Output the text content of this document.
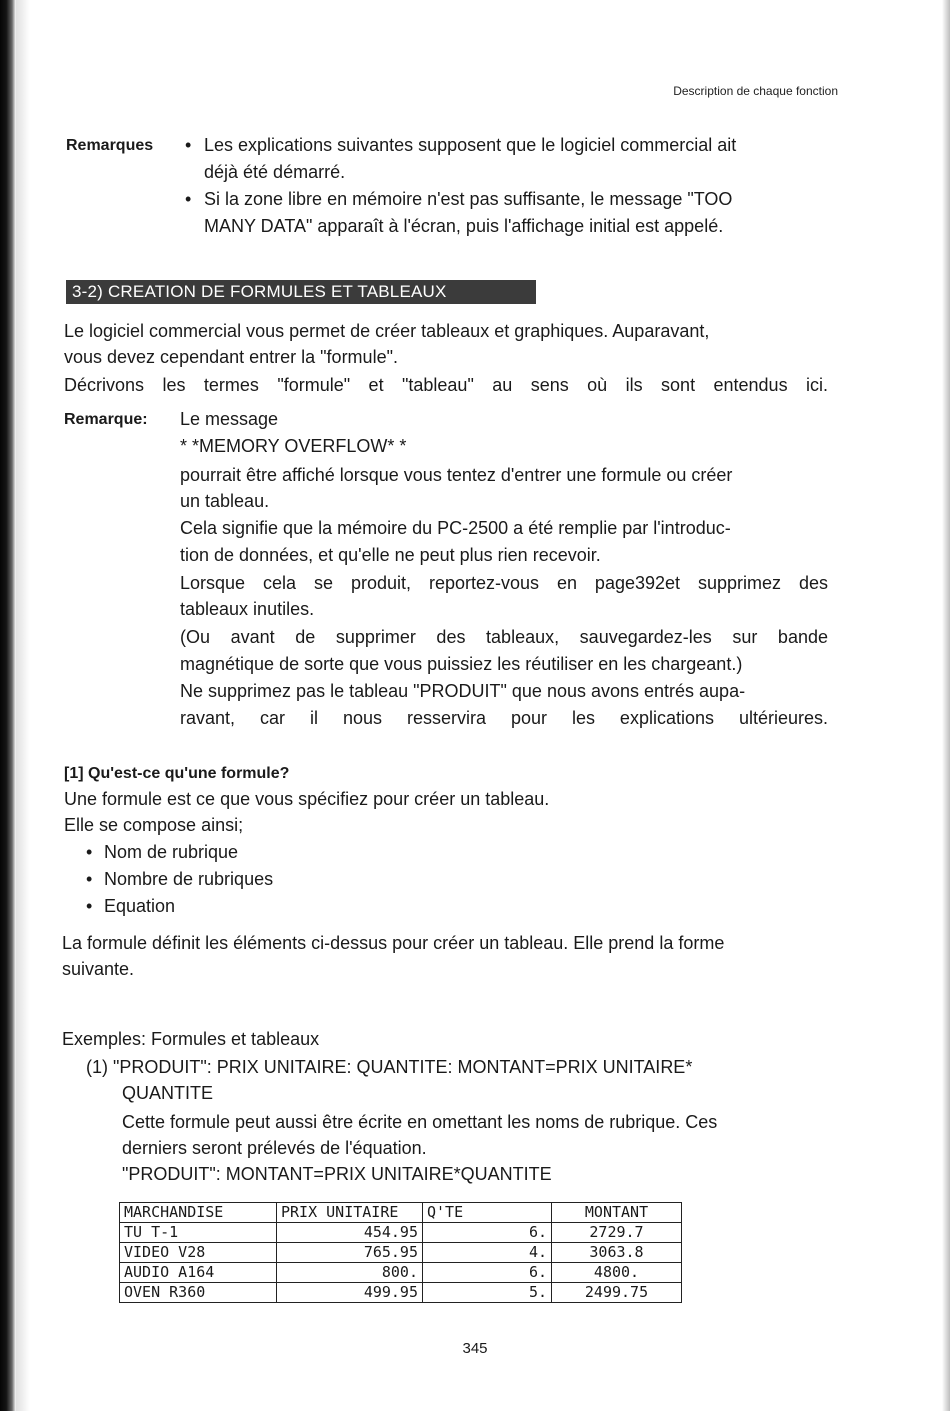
Description de chaque fonction
Remarques • Les explications suivantes supposent que le logiciel commercial ait
déjà été démarré.
• Si la zone libre en mémoire n'est pas suffisante, le message "TOO
MANY DATA" apparaît à l'écran, puis l'affichage initial est appelé.
3-2) CREATION DE FORMULES ET TABLEAUX
Le logiciel commercial vous permet de créer tableaux et graphiques. Auparavant,
vous devez cependant entrer la "formule".
Décrivons les termes "formule" et "tableau" au sens où ils sont entendus ici.
Remarque: Le message
* *MEMORY OVERFLOW* *
pourrait être affiché lorsque vous tentez d'entrer une formule ou créer
un tableau.
Cela signifie que la mémoire du PC-2500 a été remplie par l'introduc-
tion de données, et qu'elle ne peut plus rien recevoir.
Lorsque cela se produit, reportez-vous en page392et supprimez des
tableaux inutiles.
(Ou avant de supprimer des tableaux, sauvegardez-les sur bande
magnétique de sorte que vous puissiez les réutiliser en les chargeant.)
Ne supprimez pas le tableau "PRODUIT" que nous avons entrés aupa-
ravant, car il nous resservira pour les explications ultérieures.
[1] Qu'est-ce qu'une formule?
Une formule est ce que vous spécifiez pour créer un tableau.
Elle se compose ainsi;
• Nom de rubrique
• Nombre de rubriques
• Equation
La formule définit les éléments ci-dessus pour créer un tableau. Elle prend la forme
suivante.
Exemples: Formules et tableaux
(1) "PRODUIT": PRIX UNITAIRE: QUANTITE: MONTANT=PRIX UNITAIRE*
QUANTITE
Cette formule peut aussi être écrite en omettant les noms de rubrique. Ces
derniers seront prélevés de l'équation.
"PRODUIT": MONTANT=PRIX UNITAIRE*QUANTITE
MARCHANDISE	PRIX UNITAIRE	Q'TE	MONTANT
TU T-1	454.95	6.	2729.7
VIDEO V28	765.95	4.	3063.8
AUDIO A164	800.	6.	4800.
OVEN R360	499.95	5.	2499.75
345
